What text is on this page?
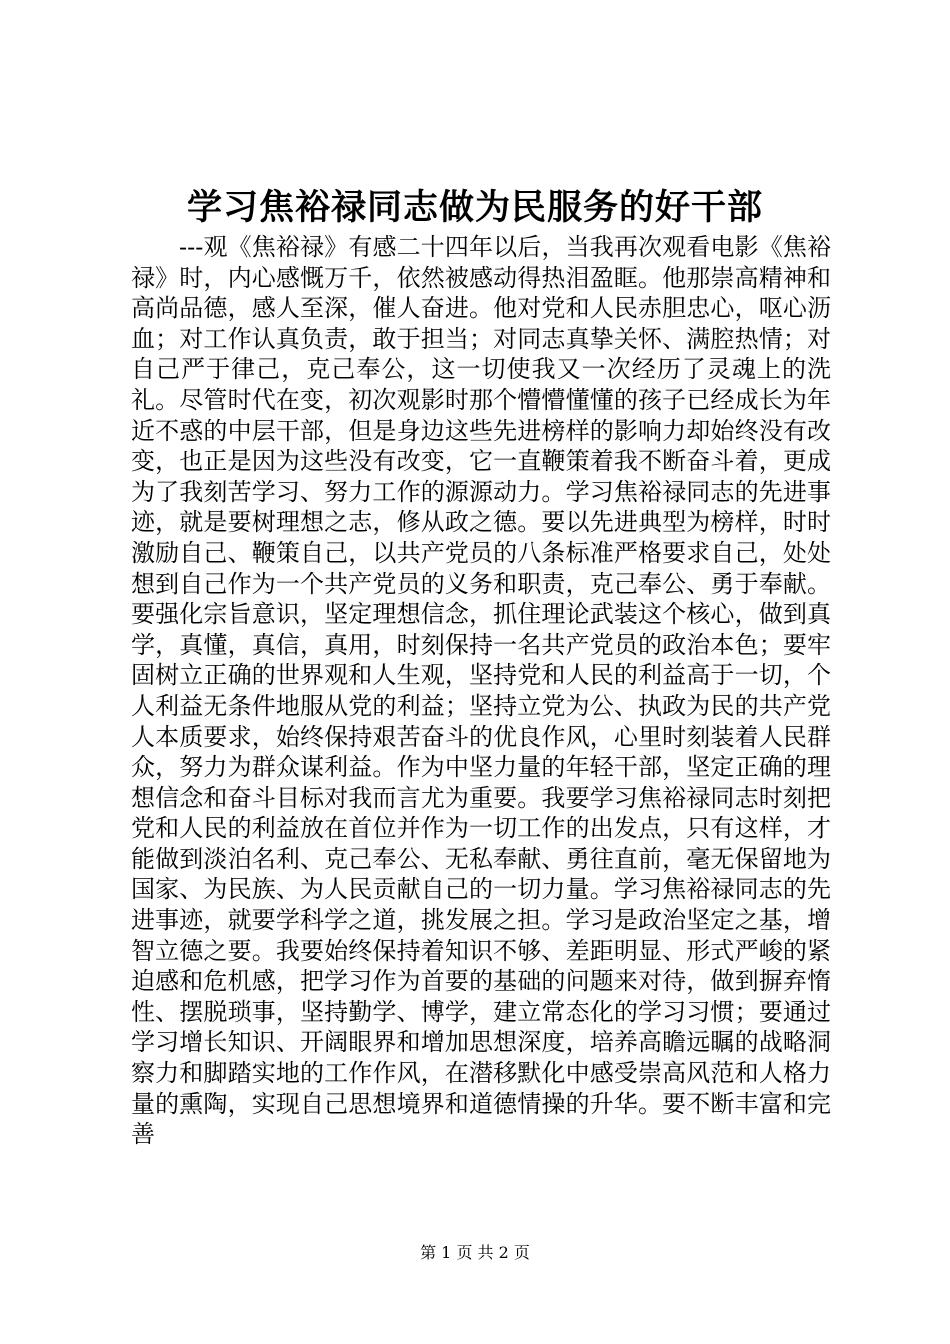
学习焦裕禄同志做为民服务的好干部

---观《焦裕禄》有感二十四年以后，当我再次观看电影《焦裕禄》时，内心感慨万千，依然被感动得热泪盈眶。他那崇高精神和高尚品德，感人至深，催人奋进。他对党和人民赤胆忠心，呕心沥血；对工作认真负责，敢于担当；对同志真挚关怀、满腔热情；对自己严于律己，克己奉公，这一切使我又一次经历了灵魂上的洗礼。尽管时代在变，初次观影时那个懵懵懂懂的孩子已经成长为年近不惑的中层干部，但是身边这些先进榜样的影响力却始终没有改变，也正是因为这些没有改变，它一直鞭策着我不断奋斗着，更成为了我刻苦学习、努力工作的源源动力。学习焦裕禄同志的先进事迹，就是要树理想之志，修从政之德。要以先进典型为榜样，时时激励自己、鞭策自己，以共产党员的八条标准严格要求自己，处处想到自己作为一个共产党员的义务和职责，克己奉公、勇于奉献。要强化宗旨意识，坚定理想信念，抓住理论武装这个核心，做到真学，真懂，真信，真用，时刻保持一名共产党员的政治本色；要牢固树立正确的世界观和人生观，坚持党和人民的利益高于一切，个人利益无条件地服从党的利益；坚持立党为公、执政为民的共产党人本质要求，始终保持艰苦奋斗的优良作风，心里时刻装着人民群众，努力为群众谋利益。作为中坚力量的年轻干部，坚定正确的理想信念和奋斗目标对我而言尤为重要。我要学习焦裕禄同志时刻把党和人民的利益放在首位并作为一切工作的出发点，只有这样，才能做到淡泊名利、克己奉公、无私奉献、勇往直前，毫无保留地为国家、为民族、为人民贡献自己的一切力量。学习焦裕禄同志的先进事迹，就要学科学之道，挑发展之担。学习是政治坚定之基，增智立德之要。我要始终保持着知识不够、差距明显、形式严峻的紧迫感和危机感，把学习作为首要的基础的问题来对待，做到摒弃惰性、摆脱琐事，坚持勤学、博学，建立常态化的学习习惯；要通过学习增长知识、开阔眼界和增加思想深度，培养高瞻远瞩的战略洞察力和脚踏实地的工作作风，在潜移默化中感受崇高风范和人格力量的熏陶，实现自己思想境界和道德情操的升华。要不断丰富和完善

第 1 页 共 2 页
